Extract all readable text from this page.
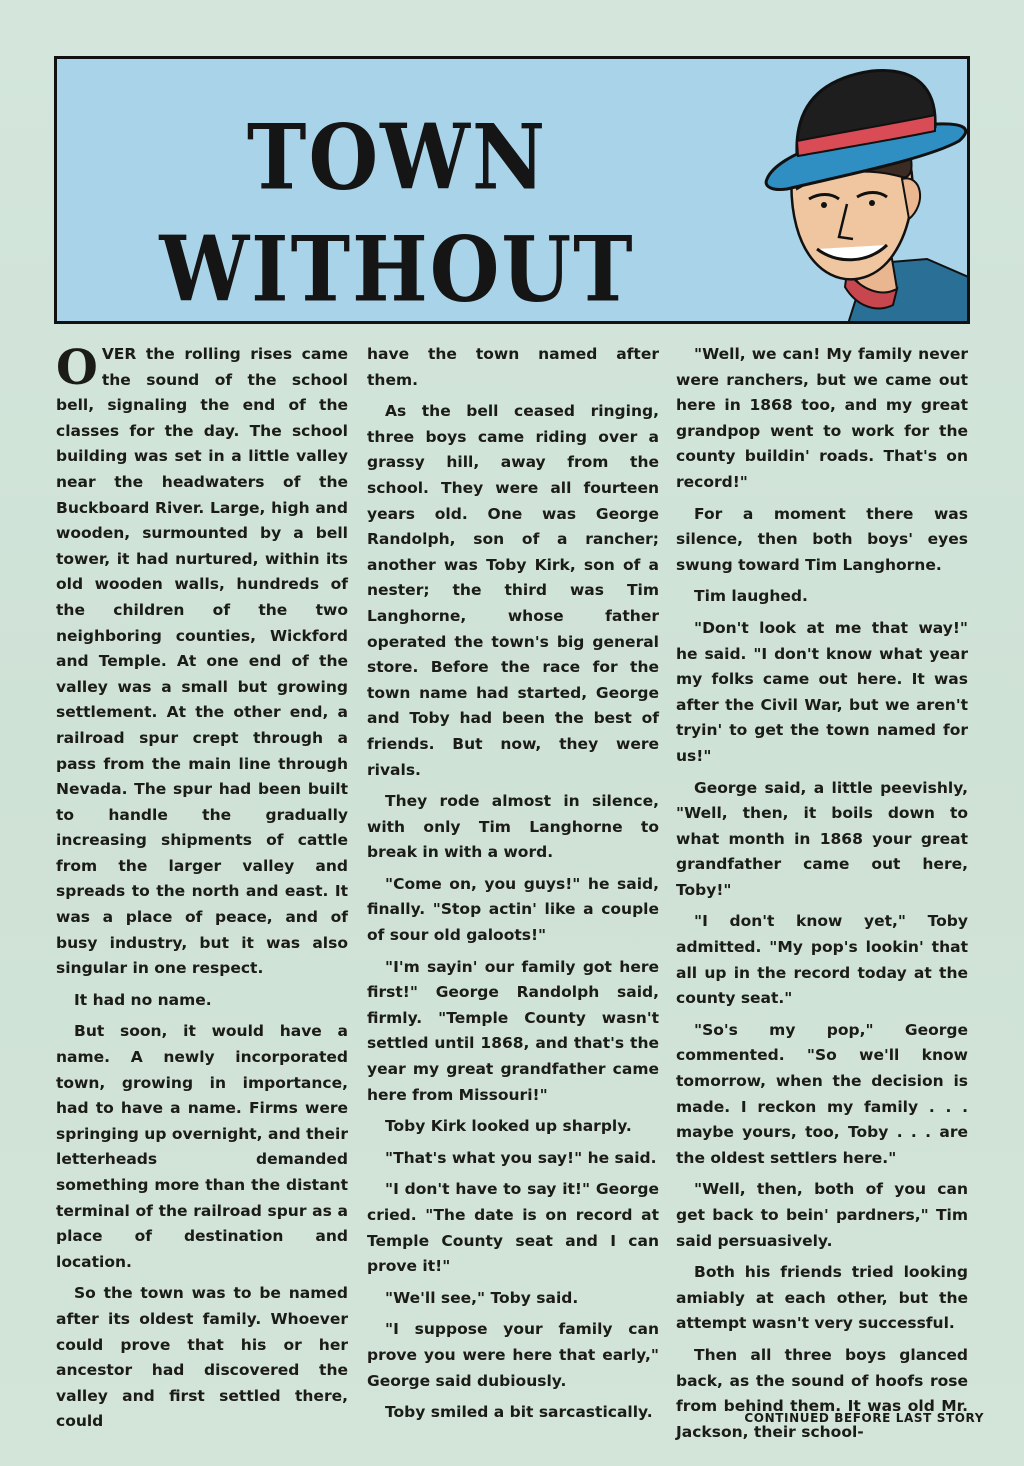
TOWN WITHOUT

OVER the rolling rises came the sound of the school bell, signaling the end of the classes for the day. The school building was set in a little valley near the headwaters of the Buckboard River. Large, high and wooden, surmounted by a bell tower, it had nurtured, within its old wooden walls, hundreds of the children of the two neighboring counties, Wickford and Temple. At one end of the valley was a small but growing settlement. At the other end, a railroad spur crept through a pass from the main line through Nevada. The spur had been built to handle the gradually increasing shipments of cattle from the larger valley and spreads to the north and east. It was a place of peace, and of busy industry, but it was also singular in one respect.

It had no name.

But soon, it would have a name. A newly incorporated town, growing in importance, had to have a name. Firms were springing up overnight, and their letterheads demanded something more than the distant terminal of the railroad spur as a place of destination and location.

So the town was to be named after its oldest family. Whoever could prove that his or her ancestor had discovered the valley and first settled there, could

have the town named after them.

As the bell ceased ringing, three boys came riding over a grassy hill, away from the school. They were all fourteen years old. One was George Randolph, son of a rancher; another was Toby Kirk, son of a nester; the third was Tim Langhorne, whose father operated the town's big general store. Before the race for the town name had started, George and Toby had been the best of friends. But now, they were rivals.

They rode almost in silence, with only Tim Langhorne to break in with a word.

"Come on, you guys!" he said, finally. "Stop actin' like a couple of sour old galoots!"

"I'm sayin' our family got here first!" George Randolph said, firmly. "Temple County wasn't settled until 1868, and that's the year my great grandfather came here from Missouri!"

Toby Kirk looked up sharply.

"That's what you say!" he said.

"I don't have to say it!" George cried. "The date is on record at Temple County seat and I can prove it!"

"We'll see," Toby said.

"I suppose your family can prove you were here that early," George said dubiously.

Toby smiled a bit sarcastically.

"Well, we can! My family never were ranchers, but we came out here in 1868 too, and my great grandpop went to work for the county buildin' roads. That's on record!"

For a moment there was silence, then both boys' eyes swung toward Tim Langhorne.

Tim laughed.

"Don't look at me that way!" he said. "I don't know what year my folks came out here. It was after the Civil War, but we aren't tryin' to get the town named for us!"

George said, a little peevishly, "Well, then, it boils down to what month in 1868 your great grandfather came out here, Toby!"

"I don't know yet," Toby admitted. "My pop's lookin' that all up in the record today at the county seat."

"So's my pop," George commented. "So we'll know tomorrow, when the decision is made. I reckon my family . . . maybe yours, too, Toby . . . are the oldest settlers here."

"Well, then, both of you can get back to bein' pardners," Tim said persuasively.

Both his friends tried looking amiably at each other, but the attempt wasn't very successful.

Then all three boys glanced back, as the sound of hoofs rose from behind them. It was old Mr. Jackson, their school-

CONTINUED BEFORE LAST STORY
